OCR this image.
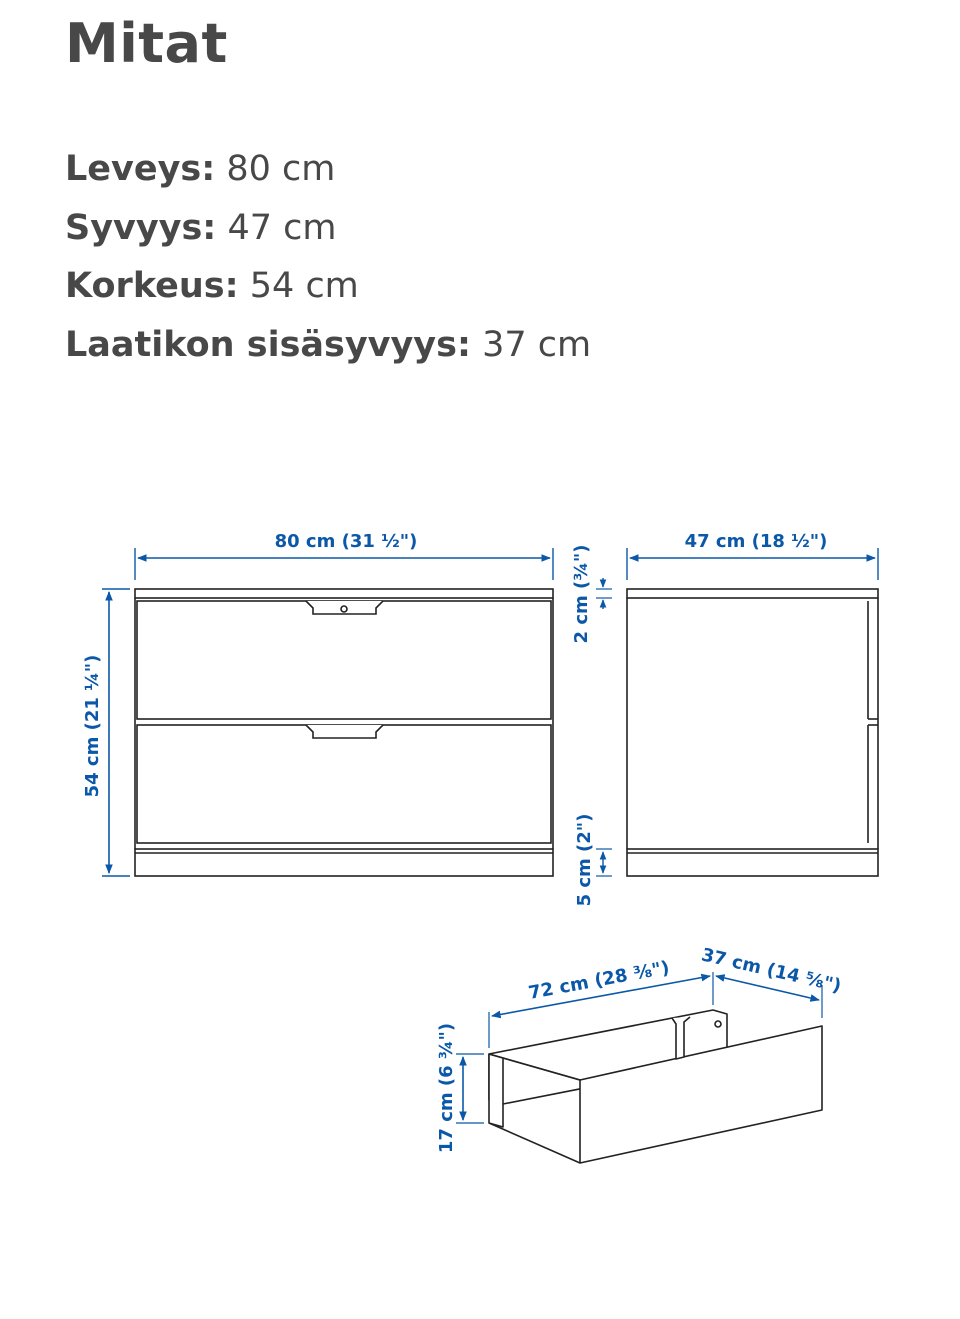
Mitat
Leveys: 80 cm
Syvyys: 47 cm
Korkeus: 54 cm
Laatikon sisäsyvyys: 37 cm
80 cm (31 ½")
54 cm (21 ¼")
2 cm (¾")
5 cm (2")
47 cm (18 ½")
72 cm (28 ⅜") 37 cm (14 ⅝")
17 cm (6 ¾")
